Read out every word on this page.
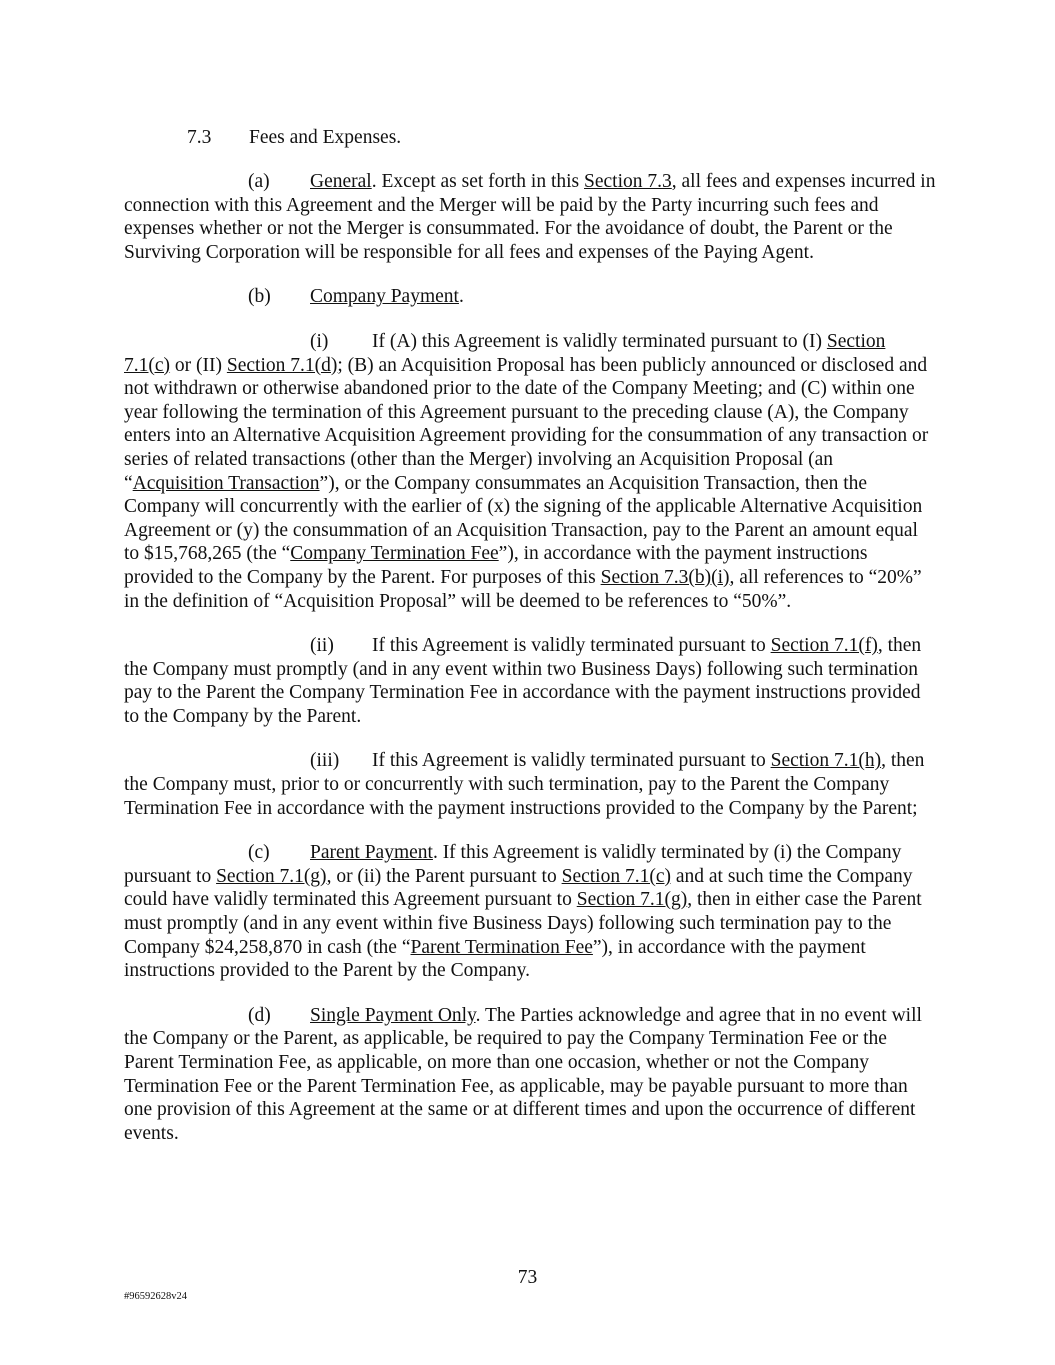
7.3 Fees and Expenses.

(a) General. Except as set forth in this Section 7.3, all fees and expenses incurred in connection with this Agreement and the Merger will be paid by the Party incurring such fees and expenses whether or not the Merger is consummated. For the avoidance of doubt, the Parent or the Surviving Corporation will be responsible for all fees and expenses of the Paying Agent.

(b) Company Payment.

(i) If (A) this Agreement is validly terminated pursuant to (I) Section 7.1(c) or (II) Section 7.1(d); (B) an Acquisition Proposal has been publicly announced or disclosed and not withdrawn or otherwise abandoned prior to the date of the Company Meeting; and (C) within one year following the termination of this Agreement pursuant to the preceding clause (A), the Company enters into an Alternative Acquisition Agreement providing for the consummation of any transaction or series of related transactions (other than the Merger) involving an Acquisition Proposal (an “Acquisition Transaction”), or the Company consummates an Acquisition Transaction, then the Company will concurrently with the earlier of (x) the signing of the applicable Alternative Acquisition Agreement or (y) the consummation of an Acquisition Transaction, pay to the Parent an amount equal to $15,768,265 (the “Company Termination Fee”), in accordance with the payment instructions provided to the Company by the Parent. For purposes of this Section 7.3(b)(i), all references to “20%” in the definition of “Acquisition Proposal” will be deemed to be references to “50%”.

(ii) If this Agreement is validly terminated pursuant to Section 7.1(f), then the Company must promptly (and in any event within two Business Days) following such termination pay to the Parent the Company Termination Fee in accordance with the payment instructions provided to the Company by the Parent.

(iii) If this Agreement is validly terminated pursuant to Section 7.1(h), then the Company must, prior to or concurrently with such termination, pay to the Parent the Company Termination Fee in accordance with the payment instructions provided to the Company by the Parent;

(c) Parent Payment. If this Agreement is validly terminated by (i) the Company pursuant to Section 7.1(g), or (ii) the Parent pursuant to Section 7.1(c) and at such time the Company could have validly terminated this Agreement pursuant to Section 7.1(g), then in either case the Parent must promptly (and in any event within five Business Days) following such termination pay to the Company $24,258,870 in cash (the “Parent Termination Fee”), in accordance with the payment instructions provided to the Parent by the Company.

(d) Single Payment Only. The Parties acknowledge and agree that in no event will the Company or the Parent, as applicable, be required to pay the Company Termination Fee or the Parent Termination Fee, as applicable, on more than one occasion, whether or not the Company Termination Fee or the Parent Termination Fee, as applicable, may be payable pursuant to more than one provision of this Agreement at the same or at different times and upon the occurrence of different events.

73
#96592628v24
